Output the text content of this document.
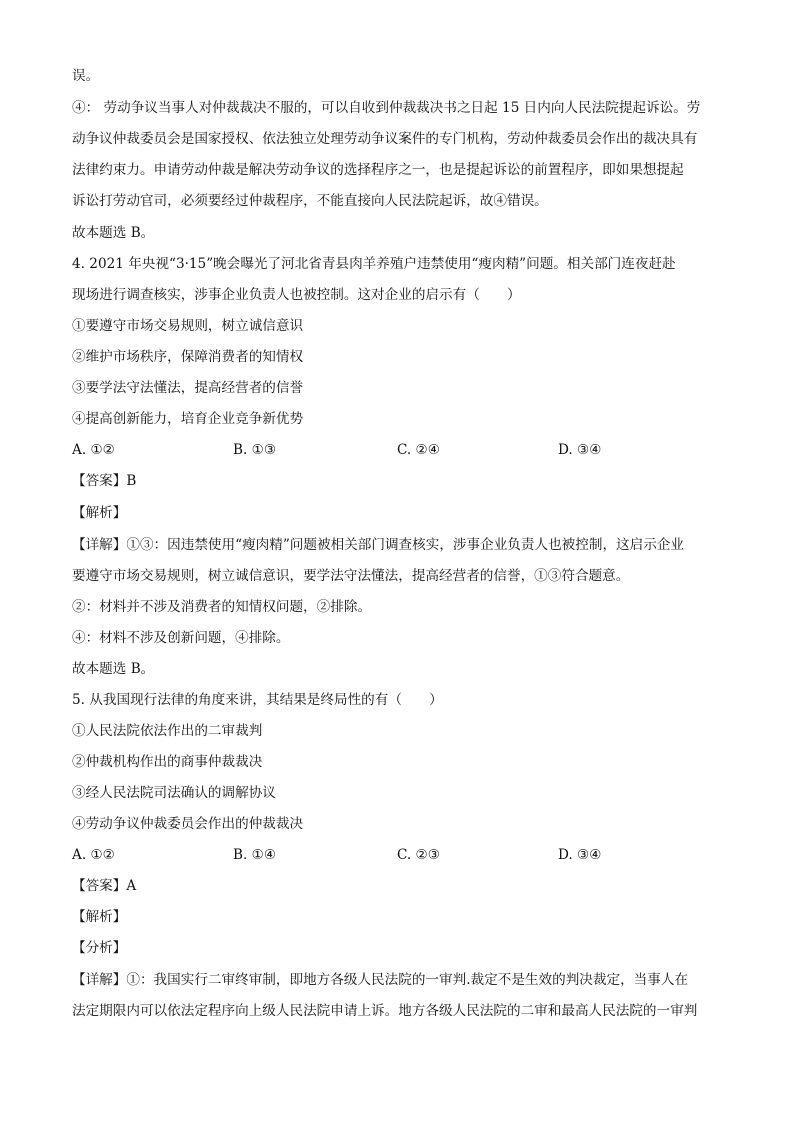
误。
④： 劳动争议当事人对仲裁裁决不服的，可以自收到仲裁裁决书之日起 15 日内向人民法院提起诉讼。劳
动争议仲裁委员会是国家授权、依法独立处理劳动争议案件的专门机构，劳动仲裁委员会作出的裁决具有
法律约束力。申请劳动仲裁是解决劳动争议的选择程序之一，也是提起诉讼的前置程序，即如果想提起
诉讼打劳动官司，必须要经过仲裁程序，不能直接向人民法院起诉，故④错误。
故本题选 B。
4. 2021 年央视“3·15”晚会曝光了河北省青县肉羊养殖户违禁使用“瘦肉精”问题。相关部门连夜赶赴
现场进行调查核实，涉事企业负责人也被控制。这对企业的启示有（　　）
①要遵守市场交易规则，树立诚信意识
②维护市场秩序，保障消费者的知情权
③要学法守法懂法，提高经营者的信誉
④提高创新能力，培育企业竞争新优势
A. ①②	B. ①③	C. ②④	D. ③④
【答案】B
【解析】
【详解】①③：因违禁使用“瘦肉精”问题被相关部门调查核实，涉事企业负责人也被控制，这启示企业
要遵守市场交易规则，树立诚信意识，要学法守法懂法，提高经营者的信誉，①③符合题意。
②：材料并不涉及消费者的知情权问题，②排除。
④：材料不涉及创新问题，④排除。
故本题选 B。
5. 从我国现行法律的角度来讲，其结果是终局性的有（　　）
①人民法院依法作出的二审裁判
②仲裁机构作出的商事仲裁裁决
③经人民法院司法确认的调解协议
④劳动争议仲裁委员会作出的仲裁裁决
A. ①②	B. ①④	C. ②③	D. ③④
【答案】A
【解析】
【分析】
【详解】①：我国实行二审终审制，即地方各级人民法院的一审判.裁定不是生效的判决裁定，当事人在
法定期限内可以依法定程序向上级人民法院申请上诉。地方各级人民法院的二审和最高人民法院的一审判
